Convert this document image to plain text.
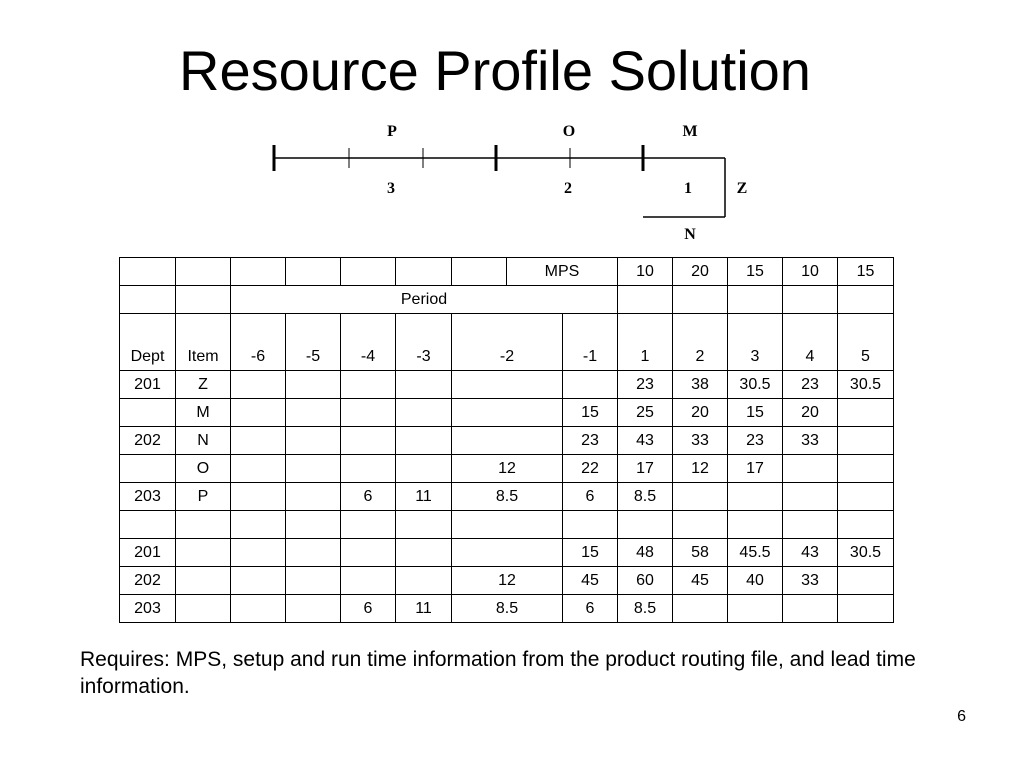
Resource Profile Solution
P	O	M
3	2	1	Z
N
							MPS		10	20	15	10	15
		Period											
Dept	Item	-6	-5	-4	-3	-2		-1	1	2	3	4	5
201	Z								23	38	30.5	23	30.5
	M							15	25	20	15	20	
202	N							23	43	33	23	33	
	O					12		22	17	12	17		
203	P			6	11	8.5		6	8.5				

201								15	48	58	45.5	43	30.5
202						12		45	60	45	40	33	
203				6	11	8.5		6	8.5				

Requires: MPS, setup and run time information from the product routing file, and lead time information.

6
